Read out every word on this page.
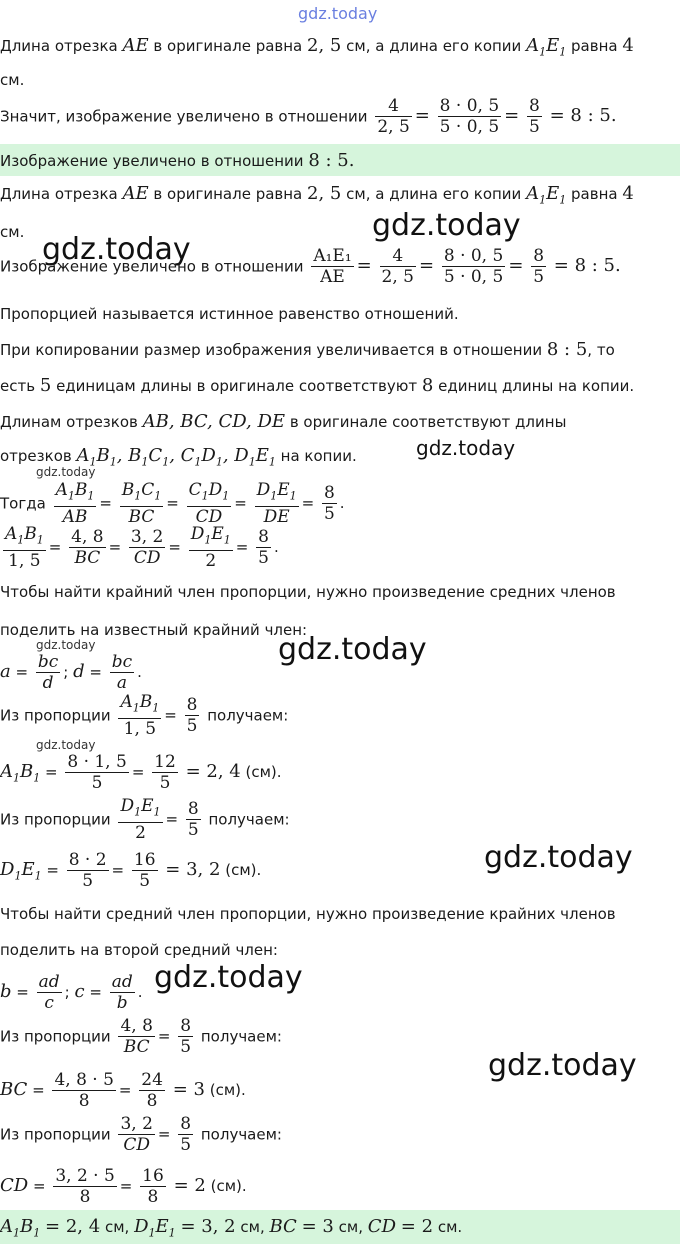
gdz.today
Длина отрезка AE в оригинале равна 2, 5 см, а длина его копии $A_1E_1$ равна 4
см.
Значит, изображение увеличено в отношении $\frac{4}{2, 5} = \frac{8 \cdot 0, 5}{5 \cdot 0, 5} = \frac{8}{5} = 8$ : 5.
Изображение увеличено в отношении 8 : 5.
Длина отрезка AE в оригинале равна 2, 5 см, а длина его копии $A_1E_1$ равна 4
см.	gdz.today
gdz.today
Изображение увеличено в отношении $\frac{\text{A₁E₁}}{AE} = \frac{4}{2, 5} = \frac{8 \cdot 0, 5}{5 \cdot 0, 5} = \frac{8}{5} = 8$ : 5.
Пропорцией называется истинное равенство отношений.
При копировании размер изображения увеличивается в отношении 8 : 5, то
есть 5 единицам длины в оригинале соответствуют 8 единиц длины на копии.
Длинам отрезков AB, BC, CD, DE в оригинале соответствуют длины
отрезков $A_1B_1$, $B_1C_1$, $C_1D_1$, $D_1E_1$ на копии.	gdz.today
gdz.today
Тогда $\frac{A_1B_1}{AB} = \frac{B_1C_1}{BC} = \frac{C_1D_1}{CD} = \frac{D_1E_1}{DE} = \frac{8}{5}$ .
$\frac{A_1B_1}{1, 5} = \frac{4, 8}{BC} = \frac{3, 2}{CD} = \frac{D_1E_1}{2} = \frac{8}{5}$ .
Чтобы найти крайний член пропорции, нужно произведение средних членов
поделить на известный крайний член:
gdz.today	gdz.today
$a = \frac{bc}{d}$ ; $d = \frac{bc}{a}$ .
Из пропорции $\frac{A_1B_1}{1, 5} = \frac{8}{5}$ получаем:
gdz.today
$A_1B_1 = \frac{8 \cdot 1, 5}{5} = \frac{12}{5} = 2$, 4 (см).
Из пропорции $\frac{D_1E_1}{2} = \frac{8}{5}$ получаем:
$D_1E_1 = \frac{8 \cdot 2}{5} = \frac{16}{5} = 3$, 2 (см).	gdz.today
Чтобы найти средний член пропорции, нужно произведение крайних членов
поделить на второй средний член:
$b = \frac{ad}{c}$ ; $c = \frac{ad}{b}$ . gdz.today
Из пропорции $\frac{4, 8}{BC} = \frac{8}{5}$ получаем:
gdz.today
BC = $\frac{4, 8 \cdot 5}{8} = \frac{24}{8} = 3$ (см).
Из пропорции $\frac{3, 2}{CD} = \frac{8}{5}$ получаем:
CD = $\frac{3, 2 \cdot 5}{8} = \frac{16}{8} = 2$ (см).
$A_1B_1 = 2$, 4 см, $D_1E_1 = 3$, 2 см, BC = 3 см, CD = 2 см.
